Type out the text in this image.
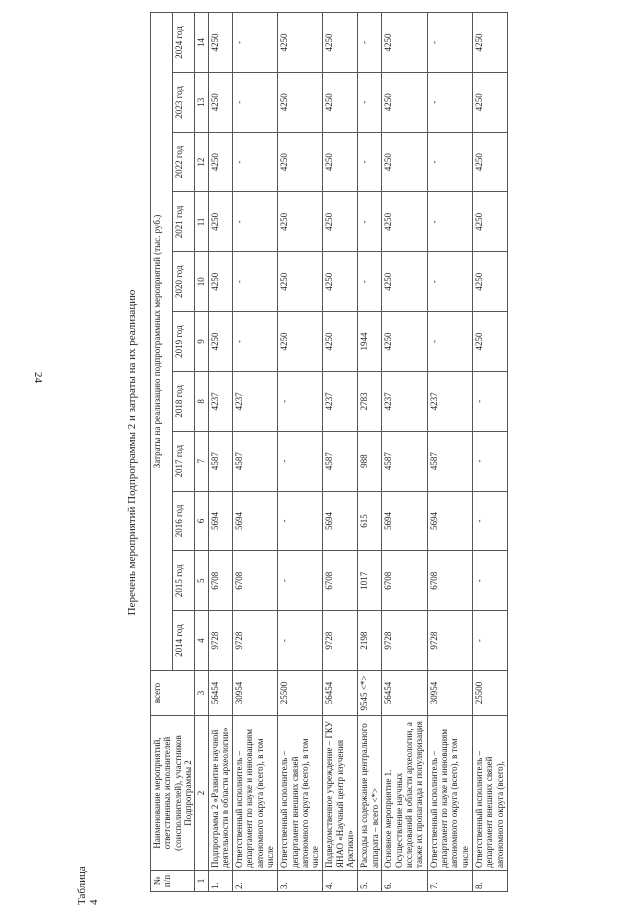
24
Таблица 4
Перечень мероприятий Подпрограммы 2 и затраты на их реализацию
№ п/п	Наименование мероприятий, ответственных исполнителей (соисполнителей), участников Подпрограммы 2	всего	Затраты на реализацию подпрограммных мероприятий (тыс. руб.)										
			2014 год	2015 год	2016 год	2017 год	2018 год	2019 год	2020 год	2021 год	2022 год	2023 год	2024 год
1	2	3	4	5	6	7	8	9	10	11	12	13	14
1.	Подпрограмма 2 «Развитие научной деятельности в области археологии»	56454	9728	6708	5694	4587	4237	4250	4250	4250	4250	4250	4250
2.	Ответственный исполнитель – департамент по науке и инновациям автономного округа (всего), в том числе	30954	9728	6708	5694	4587	4237	-	-	-	-	-	-
3.	Ответственный исполнитель – департамент внешних связей автономного округа (всего), в том числе	25500	-	-	-	-	-	4250	4250	4250	4250	4250	4250
4.	Подведомственное учреждение – ГКУ ЯНАО «Научный центр изучения Арктики»	56454	9728	6708	5694	4587	4237	4250	4250	4250	4250	4250	4250
5.	Расходы на содержание центрального аппарата – всего <*>	9545 <*>	2198	1017	615	988	2783	1944	-	-	-	-	-
6.	Основное мероприятие 1. Осуществление научных исследований в области археологии, а также их пропаганда и популяризация	56454	9728	6708	5694	4587	4237	4250	4250	4250	4250	4250	4250
7.	Ответственный исполнитель – департамент по науке и инновациям автономного округа (всего), в том числе	30954	9728	6708	5694	4587	4237	-	-	-	-	-	-
8.	Ответственный исполнитель – департамент внешних связей автономного округа (всего),	25500	-	-	-	-	-	4250	4250	4250	4250	4250	4250
